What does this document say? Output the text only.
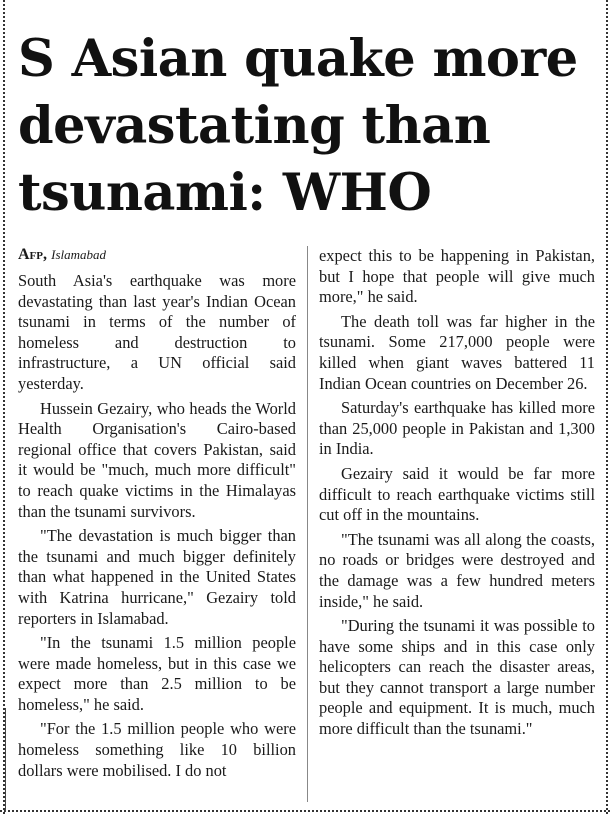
S Asian quake more
devastating than
tsunami: WHO
Afp, Islamabad

South Asia's earthquake was more devastating than last year's Indian Ocean tsunami in terms of the number of homeless and destruction to infrastructure, a UN official said yesterday.

Hussein Gezairy, who heads the World Health Organisation's Cairo-based regional office that covers Pakistan, said it would be "much, much more difficult" to reach quake victims in the Himalayas than the tsunami survivors.

"The devastation is much bigger than the tsunami and much bigger definitely than what happened in the United States with Katrina hurricane," Gezairy told reporters in Islamabad.

"In the tsunami 1.5 million people were made homeless, but in this case we expect more than 2.5 million to be homeless," he said.

"For the 1.5 million people who were homeless something like 10 billion dollars were mobilised. I do not

expect this to be happening in Pakistan, but I hope that people will give much more," he said.

The death toll was far higher in the tsunami. Some 217,000 people were killed when giant waves battered 11 Indian Ocean countries on December 26.

Saturday's earthquake has killed more than 25,000 people in Pakistan and 1,300 in India.

Gezairy said it would be far more difficult to reach earthquake victims still cut off in the mountains.

"The tsunami was all along the coasts, no roads or bridges were destroyed and the damage was a few hundred meters inside," he said.

"During the tsunami it was possible to have some ships and in this case only helicopters can reach the disaster areas, but they cannot transport a large number people and equipment. It is much, much more difficult than the tsunami."
